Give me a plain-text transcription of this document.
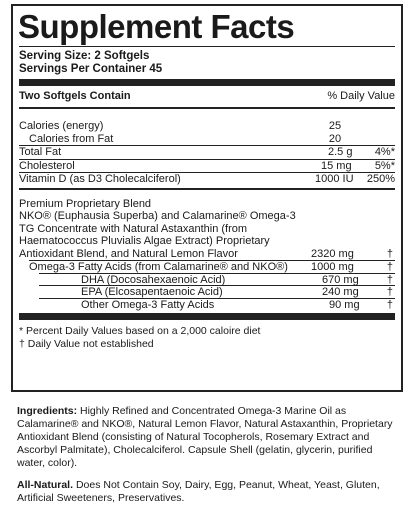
Supplement Facts
Serving Size: 2 Softgels
Servings Per Container 45
Two Softgels Contain	% Daily Value
Calories (energy)	25
Calories from Fat	20
Total Fat	2.5 g	4%*
Cholesterol	15 mg	5%*
Vitamin D (as D3 Cholecalciferol)	1000 IU	250%
Premium Proprietary Blend
NKO® (Euphausia Superba) and Calamarine® Omega-3
TG Concentrate with Natural Astaxanthin (from
Haematococcus Pluvialis Algae Extract) Proprietary
Antioxidant Blend, and Natural Lemon Flavor	2320 mg	†
Omega-3 Fatty Acids (from Calamarine® and NKO®) 1000 mg	†
DHA (Docosahexaenoic Acid)	670 mg	†
EPA (Elcosapentaenoic Acid)	240 mg	†
Other Omega-3 Fatty Acids	90 mg †
* Percent Daily Values based on a 2,000 caloire diet
† Daily Value not established
Ingredients: Highly Refined and Concentrated Omega-3 Marine Oil as Calamarine® and NKO®, Natural Lemon Flavor, Natural Astaxanthin, Proprietary Antioxidant Blend (consisting of Natural Tocopherols, Rosemary Extract and Ascorbyl Palmitate), Cholecalciferol. Capsule Shell (gelatin, glycerin, purified water, color).
All-Natural. Does Not Contain Soy, Dairy, Egg, Peanut, Wheat, Yeast, Gluten, Artificial Sweeteners, Preservatives.
